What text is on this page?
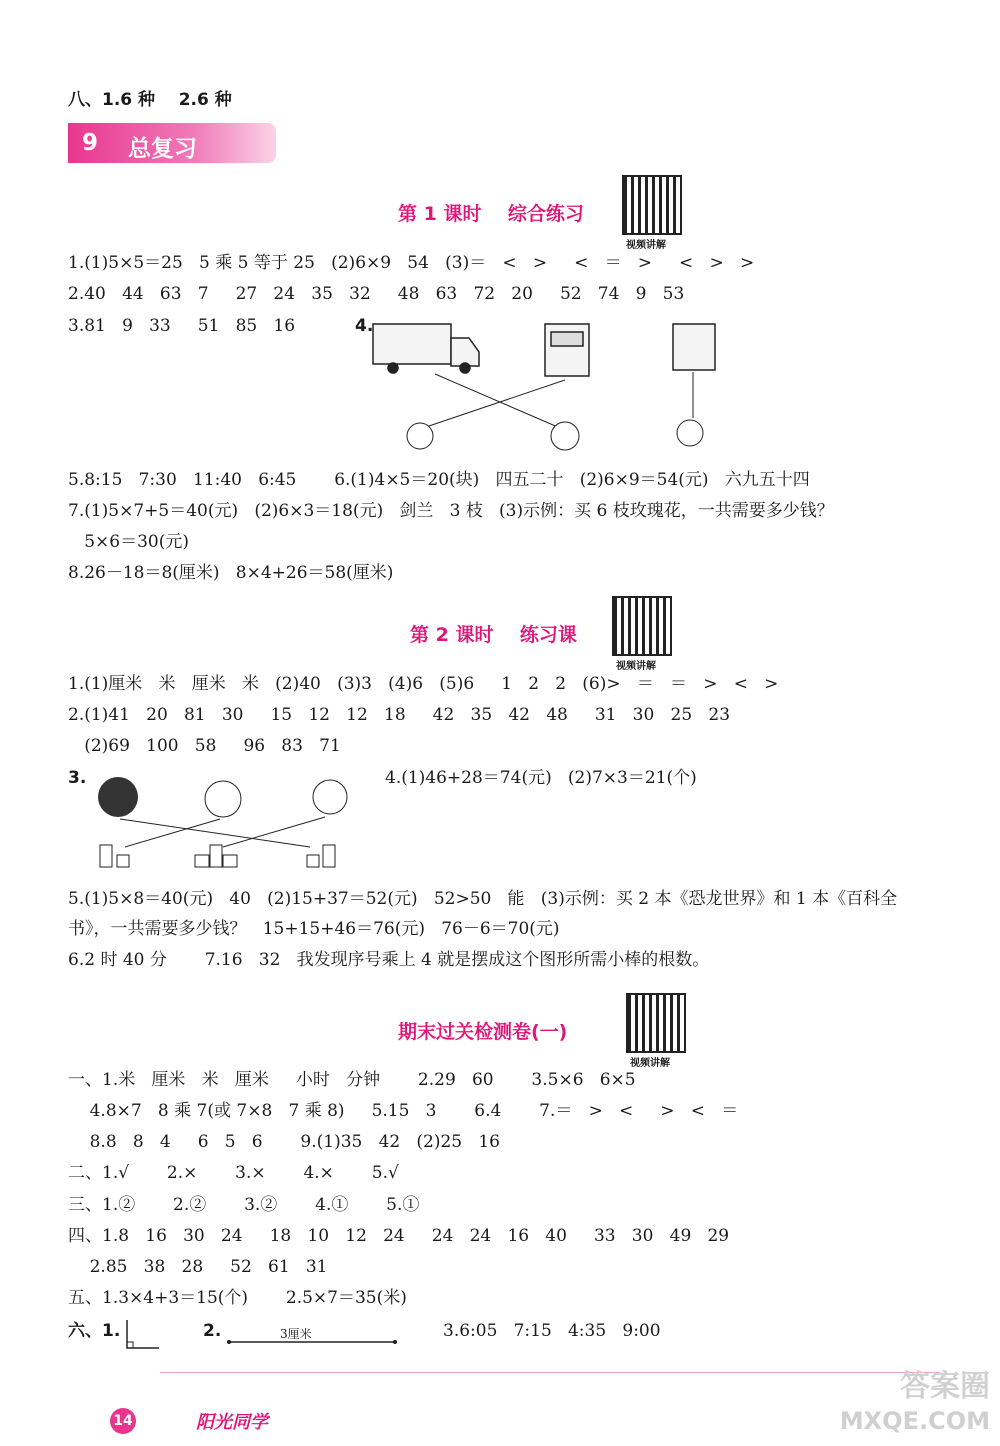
八、1.6 种    2.6 种
9 总复习
第 1 课时    综合练习
视频讲解
1.(1)5×5＝25   5 乘 5 等于 25   (2)6×9   54   (3)＝   <   >     <   ＝   >     <   >   >
2.40   44   63   7     27   24   35   32     48   63   72   20     52   74   9   53
3.81   9   33     51   85   16	4.
5.8:15   7:30   11:40   6:45       6.(1)4×5＝20(块)   四五二十   (2)6×9＝54(元)   六九五十四
7.(1)5×7+5＝40(元)   (2)6×3＝18(元)   剑兰   3 枝   (3)示例：买 6 枝玫瑰花，一共需要多少钱？
5×6＝30(元)
8.26－18＝8(厘米)   8×4+26＝58(厘米)
第 2 课时    练习课
视频讲解
1.(1)厘米   米   厘米   米   (2)40   (3)3   (4)6   (5)6     1   2   2   (6)>   ＝   ＝   >   <   >
2.(1)41   20   81   30     15   12   12   18     42   35   42   48     31   30   25   23
(2)69   100   58     96   83   71
3.	4.(1)46+28＝74(元)   (2)7×3＝21(个)
5.(1)5×8＝40(元)   40   (2)15+37＝52(元)   52>50   能   (3)示例：买 2 本《恐龙世界》和 1 本《百科全
书》，一共需要多少钱？   15+15+46＝76(元)   76－6＝70(元)
6.2 时 40 分       7.16   32   我发现序号乘上 4 就是摆成这个图形所需小棒的根数。
期末过关检测卷(一)
视频讲解
一、1.米   厘米   米   厘米     小时   分钟       2.29   60       3.5×6   6×5
4.8×7   8 乘 7(或 7×8   7 乘 8)     5.15   3       6.4       7.＝   >   <     >   <   ＝
8.8   8   4     6   5   6       9.(1)35   42   (2)25   16
二、1.√       2.×       3.×       4.×       5.√
三、1.②       2.②       3.②       4.①       5.①
四、1.8   16   30   24     18   10   12   24     24   24   16   40     33   30   49   29
2.85   38   28     52   61   31
五、1.3×4+3＝15(个)       2.5×7＝35(米)
六、1.	2.	3厘米	3.6:05   7:15   4:35   9:00
14	阳光同学
答案圈
MXQE.COM
